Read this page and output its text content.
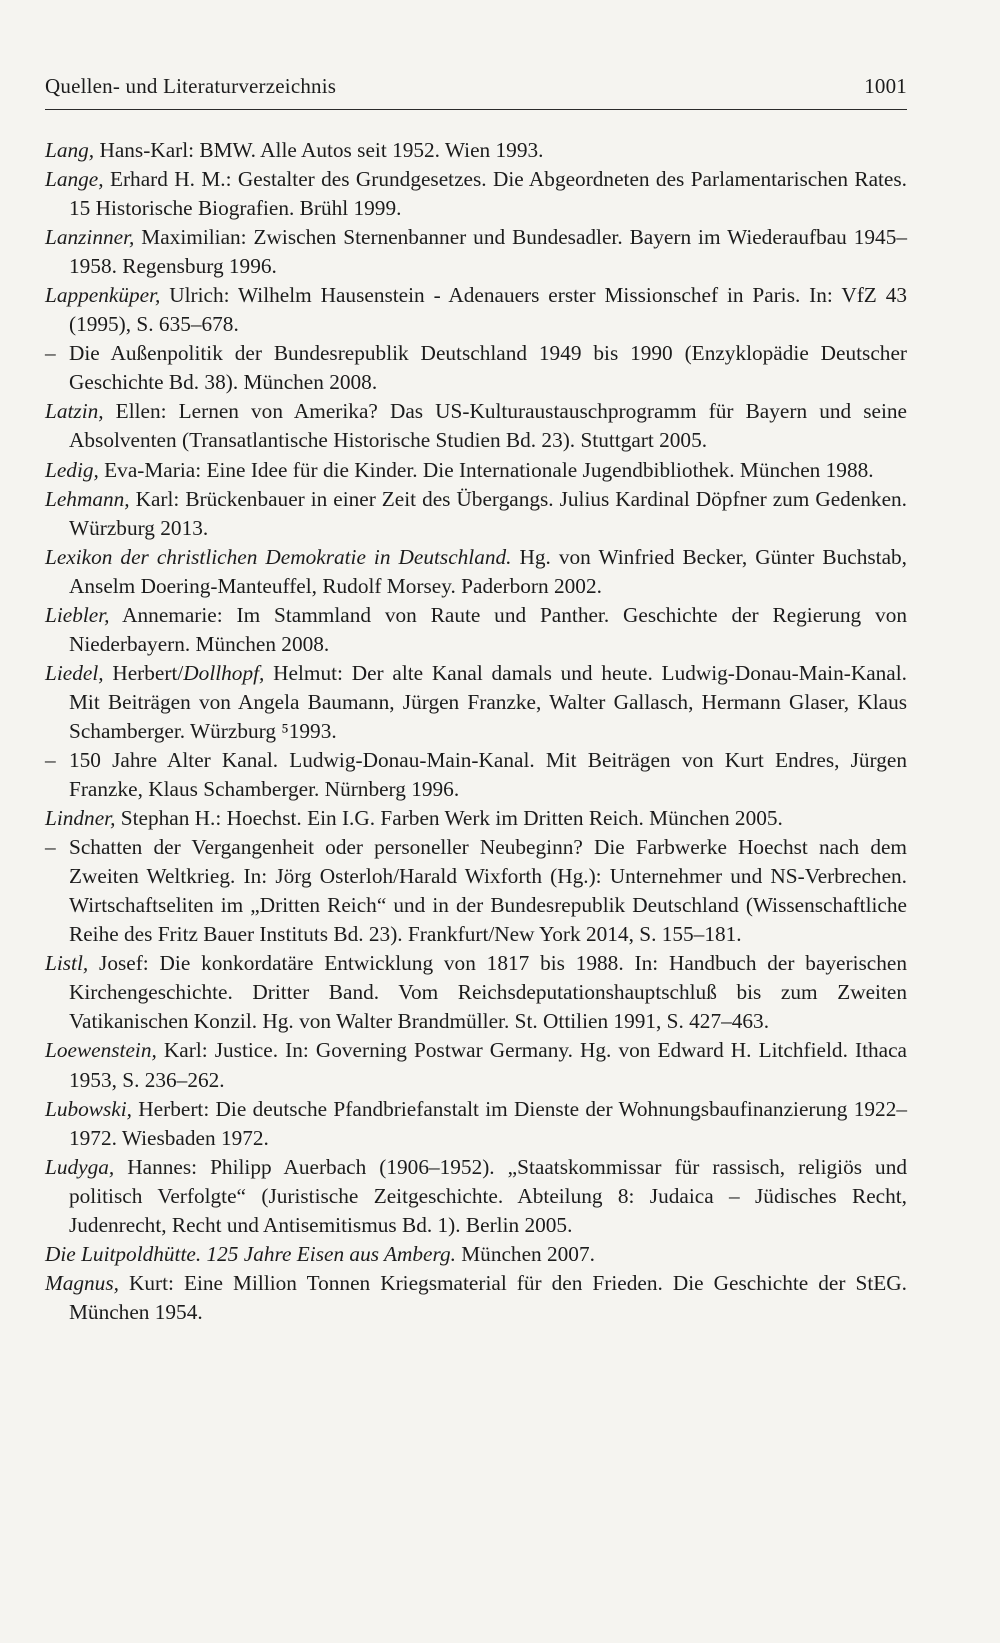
Quellen- und Literaturverzeichnis	1001

Lang, Hans-Karl: BMW. Alle Autos seit 1952. Wien 1993.

Lange, Erhard H. M.: Gestalter des Grundgesetzes. Die Abgeordneten des Parlamentarischen Rates. 15 Historische Biografien. Brühl 1999.

Lanzinner, Maximilian: Zwischen Sternenbanner und Bundesadler. Bayern im Wiederaufbau 1945–1958. Regensburg 1996.

Lappenküper, Ulrich: Wilhelm Hausenstein - Adenauers erster Missionschef in Paris. In: VfZ 43 (1995), S. 635–678.

– Die Außenpolitik der Bundesrepublik Deutschland 1949 bis 1990 (Enzyklopädie Deutscher Geschichte Bd. 38). München 2008.

Latzin, Ellen: Lernen von Amerika? Das US-Kulturaustauschprogramm für Bayern und seine Absolventen (Transatlantische Historische Studien Bd. 23). Stuttgart 2005.

Ledig, Eva-Maria: Eine Idee für die Kinder. Die Internationale Jugendbibliothek. München 1988.

Lehmann, Karl: Brückenbauer in einer Zeit des Übergangs. Julius Kardinal Döpfner zum Gedenken. Würzburg 2013.

Lexikon der christlichen Demokratie in Deutschland. Hg. von Winfried Becker, Günter Buchstab, Anselm Doering-Manteuffel, Rudolf Morsey. Paderborn 2002.

Liebler, Annemarie: Im Stammland von Raute und Panther. Geschichte der Regierung von Niederbayern. München 2008.

Liedel, Herbert/Dollhopf, Helmut: Der alte Kanal damals und heute. Ludwig-Donau-Main-Kanal. Mit Beiträgen von Angela Baumann, Jürgen Franzke, Walter Gallasch, Hermann Glaser, Klaus Schamberger. Würzburg ⁵1993.

– 150 Jahre Alter Kanal. Ludwig-Donau-Main-Kanal. Mit Beiträgen von Kurt Endres, Jürgen Franzke, Klaus Schamberger. Nürnberg 1996.

Lindner, Stephan H.: Hoechst. Ein I.G. Farben Werk im Dritten Reich. München 2005.

– Schatten der Vergangenheit oder personeller Neubeginn? Die Farbwerke Hoechst nach dem Zweiten Weltkrieg. In: Jörg Osterloh/Harald Wixforth (Hg.): Unternehmer und NS-Verbrechen. Wirtschaftseliten im „Dritten Reich“ und in der Bundesrepublik Deutschland (Wissenschaftliche Reihe des Fritz Bauer Instituts Bd. 23). Frankfurt/New York 2014, S. 155–181.

Listl, Josef: Die konkordatäre Entwicklung von 1817 bis 1988. In: Handbuch der bayerischen Kirchengeschichte. Dritter Band. Vom Reichsdeputationshauptschluß bis zum Zweiten Vatikanischen Konzil. Hg. von Walter Brandmüller. St. Ottilien 1991, S. 427–463.

Loewenstein, Karl: Justice. In: Governing Postwar Germany. Hg. von Edward H. Litchfield. Ithaca 1953, S. 236–262.

Lubowski, Herbert: Die deutsche Pfandbriefanstalt im Dienste der Wohnungsbaufinanzierung 1922–1972. Wiesbaden 1972.

Ludyga, Hannes: Philipp Auerbach (1906–1952). „Staatskommissar für rassisch, religiös und politisch Verfolgte“ (Juristische Zeitgeschichte. Abteilung 8: Judaica – Jüdisches Recht, Judenrecht, Recht und Antisemitismus Bd. 1). Berlin 2005.

Die Luitpoldhütte. 125 Jahre Eisen aus Amberg. München 2007.

Magnus, Kurt: Eine Million Tonnen Kriegsmaterial für den Frieden. Die Geschichte der StEG. München 1954.
